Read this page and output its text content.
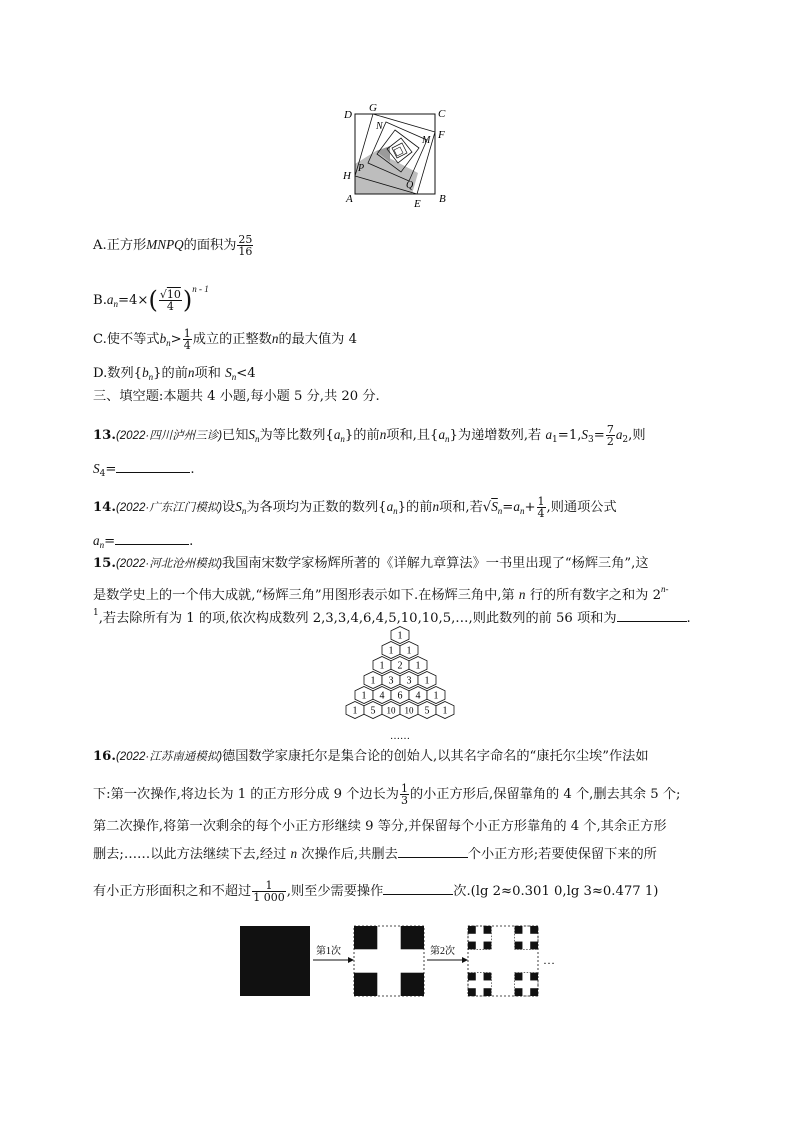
D
G	C
N
F
M
H
P
Q
A	E B
A.正方形MNPQ的面积为 $\frac{25}{16}$
$B.a_n=4\times( \frac{√10}{4} )^{n - 1}$
C.使不等式$b_n> \frac{1}{4}$ 成立的正整数n的最大值为 4
D.数列$\{b_n\}$的前n项和 $S_n<4$
三、填空题:本题共 4 小题,每小题 5 分,共 20 分.
13.(2022·四川泸州三诊)已知$S_n$为等比数列$\{a_n\}$的前n项和,且$\{a_n\}$为递增数列,若 $a_1=1,S_3= \frac{7}{2} a_2$,则
$S_4=$	.
14.(2022·广东江门模拟)设$S_n$为各项均为正数的数列$\{a_n\}$的前n项和,若$√S_n=a_n+ \frac{1}{4}$ ,则通项公式
$a_n=$	.
15.(2022·河北沧州模拟)我国南宋数学家杨辉所著的《详解九章算法》一书里出现了“杨辉三角”,这
是数学史上的一个伟大成就,“杨辉三角”用图形表示如下.在杨辉三角中,第 n 行的所有数字之和为 $2^{n-}$
$^1$,若去除所有为 1 的项,依次构成数列 2,3,3,4,6,4,5,10,10,5,…,则此数列的前 56 项和为	.
1
1 1
1 2 1
1 3 3 1
1 4 6 4 1
1 5 10 10 5 1
……
16.(2022·江苏南通模拟)德国数学家康托尔是集合论的创始人,以其名字命名的“康托尔尘埃”作法如
下:第一次操作,将边长为 1 的正方形分成 9 个边长为 $\frac{1}{3}$ 的小正方形后,保留靠角的 4 个,删去其余 5 个;
第二次操作,将第一次剩余的每个小正方形继续 9 等分,并保留每个小正方形靠角的 4 个,其余正方形
删去;……以此方法继续下去,经过 n 次操作后,共删去	个小正方形;若要使保留下来的所
有小正方形面积之和不超过 $\frac{1}{1 000}$ ,则至少需要操作	次.(lg 2≈0.301 0,lg 3≈0.477 1)
第1次	第2次
…
